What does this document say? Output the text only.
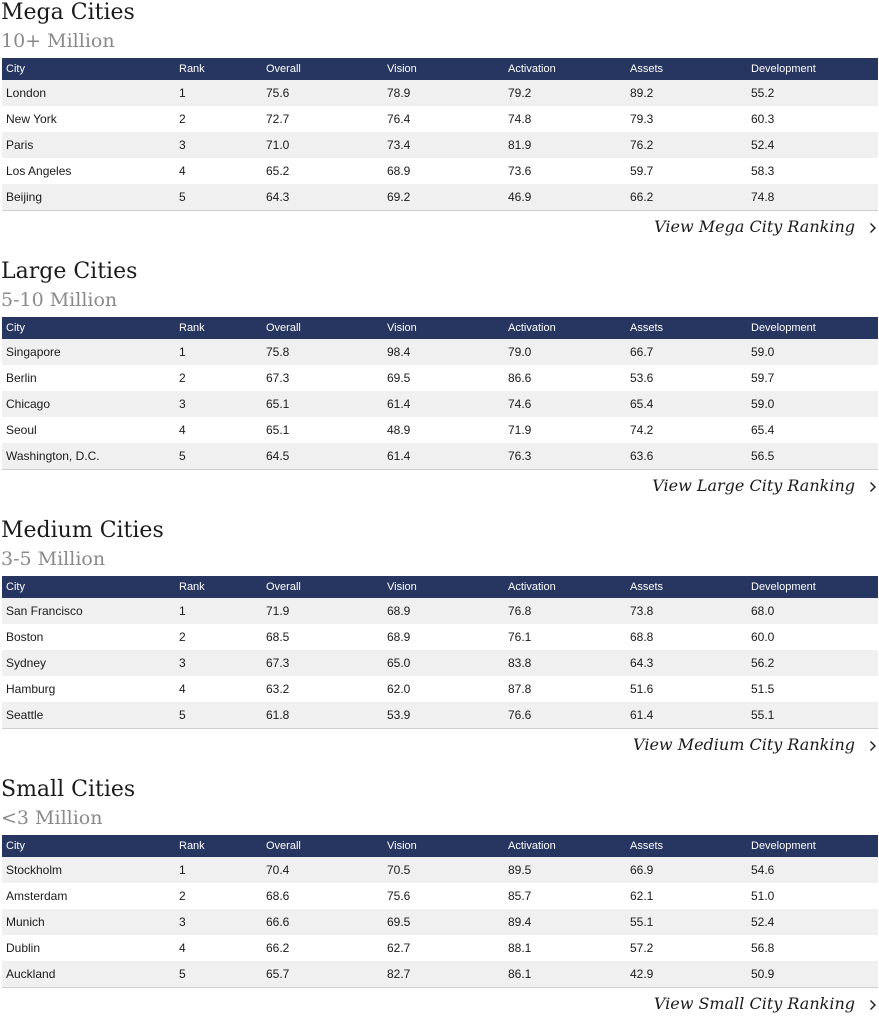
Mega Cities
10+ Million
City	Rank	Overall	Vision	Activation	Assets	Development
London	1	75.6	78.9	79.2	89.2	55.2
New York	2	72.7	76.4	74.8	79.3	60.3
Paris	3	71.0	73.4	81.9	76.2	52.4
Los Angeles	4	65.2	68.9	73.6	59.7	58.3
Beijing	5	64.3	69.2	46.9	66.2	74.8
View Mega City Ranking
Large Cities
5-10 Million
City	Rank	Overall	Vision	Activation	Assets	Development
Singapore	1	75.8	98.4	79.0	66.7	59.0
Berlin	2	67.3	69.5	86.6	53.6	59.7
Chicago	3	65.1	61.4	74.6	65.4	59.0
Seoul	4	65.1	48.9	71.9	74.2	65.4
Washington, D.C.	5	64.5	61.4	76.3	63.6	56.5
View Large City Ranking
Medium Cities
3-5 Million
City	Rank	Overall	Vision	Activation	Assets	Development
San Francisco	1	71.9	68.9	76.8	73.8	68.0
Boston	2	68.5	68.9	76.1	68.8	60.0
Sydney	3	67.3	65.0	83.8	64.3	56.2
Hamburg	4	63.2	62.0	87.8	51.6	51.5
Seattle	5	61.8	53.9	76.6	61.4	55.1
View Medium City Ranking
Small Cities
<3 Million
City	Rank	Overall	Vision	Activation	Assets	Development
Stockholm	1	70.4	70.5	89.5	66.9	54.6
Amsterdam	2	68.6	75.6	85.7	62.1	51.0
Munich	3	66.6	69.5	89.4	55.1	52.4
Dublin	4	66.2	62.7	88.1	57.2	56.8
Auckland	5	65.7	82.7	86.1	42.9	50.9
View Small City Ranking
